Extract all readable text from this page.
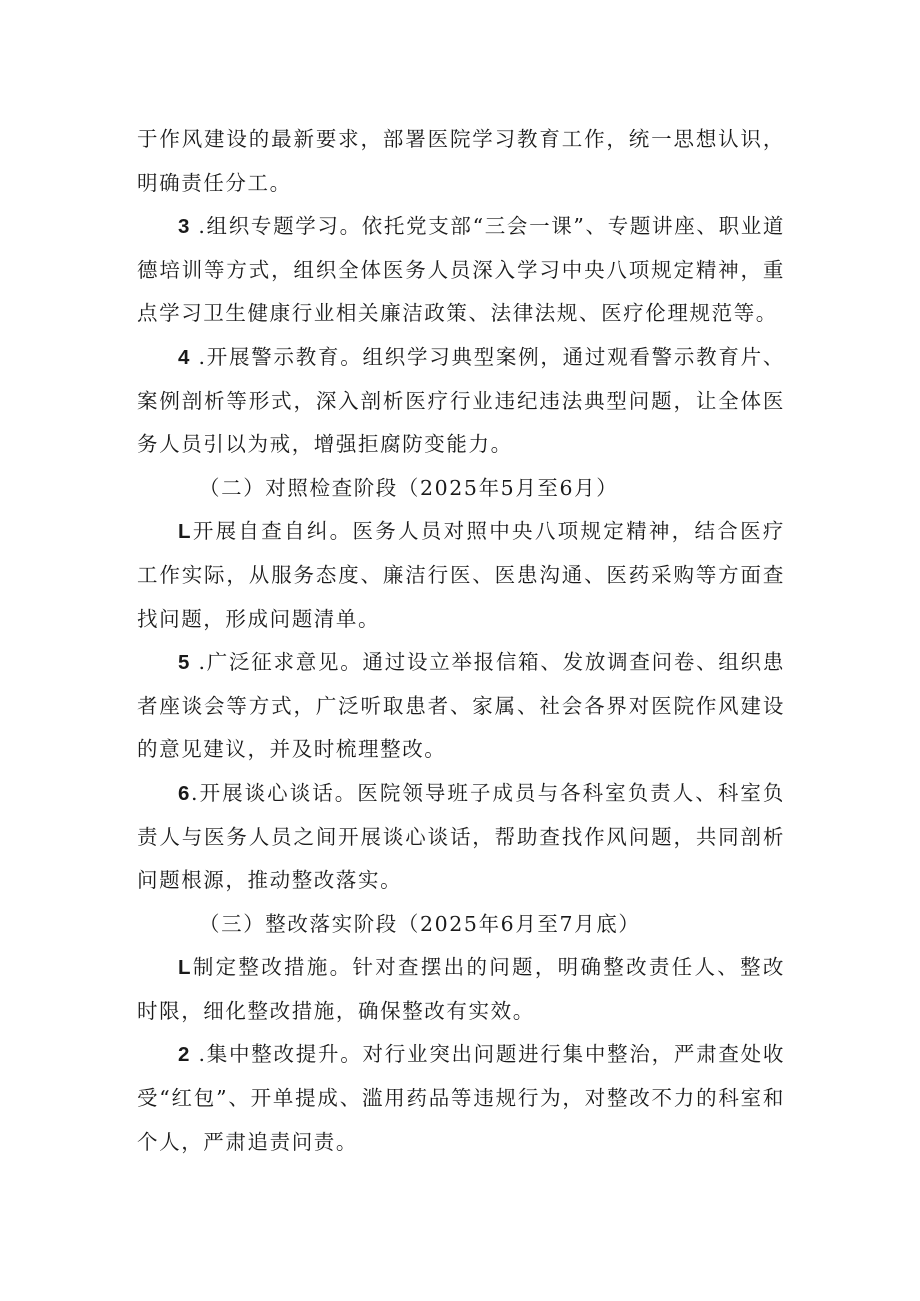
于作风建设的最新要求，部署医院学习教育工作，统一思想认识，明确责任分工。

3 .组织专题学习。依托党支部“三会一课”、专题讲座、职业道德培训等方式，组织全体医务人员深入学习中央八项规定精神，重点学习卫生健康行业相关廉洁政策、法律法规、医疗伦理规范等。

4 .开展警示教育。组织学习典型案例，通过观看警示教育片、案例剖析等形式，深入剖析医疗行业违纪违法典型问题，让全体医务人员引以为戒，增强拒腐防变能力。

（二）对照检查阶段（2025年5月至6月）

L开展自查自纠。医务人员对照中央八项规定精神，结合医疗工作实际，从服务态度、廉洁行医、医患沟通、医药采购等方面查找问题，形成问题清单。

5 .广泛征求意见。通过设立举报信箱、发放调查问卷、组织患者座谈会等方式，广泛听取患者、家属、社会各界对医院作风建设的意见建议，并及时梳理整改。

6.开展谈心谈话。医院领导班子成员与各科室负责人、科室负责人与医务人员之间开展谈心谈话，帮助查找作风问题，共同剖析问题根源，推动整改落实。

（三）整改落实阶段（2025年6月至7月底）

L制定整改措施。针对查摆出的问题，明确整改责任人、整改时限，细化整改措施，确保整改有实效。

2 .集中整改提升。对行业突出问题进行集中整治，严肃查处收受“红包”、开单提成、滥用药品等违规行为，对整改不力的科室和个人，严肃追责问责。
